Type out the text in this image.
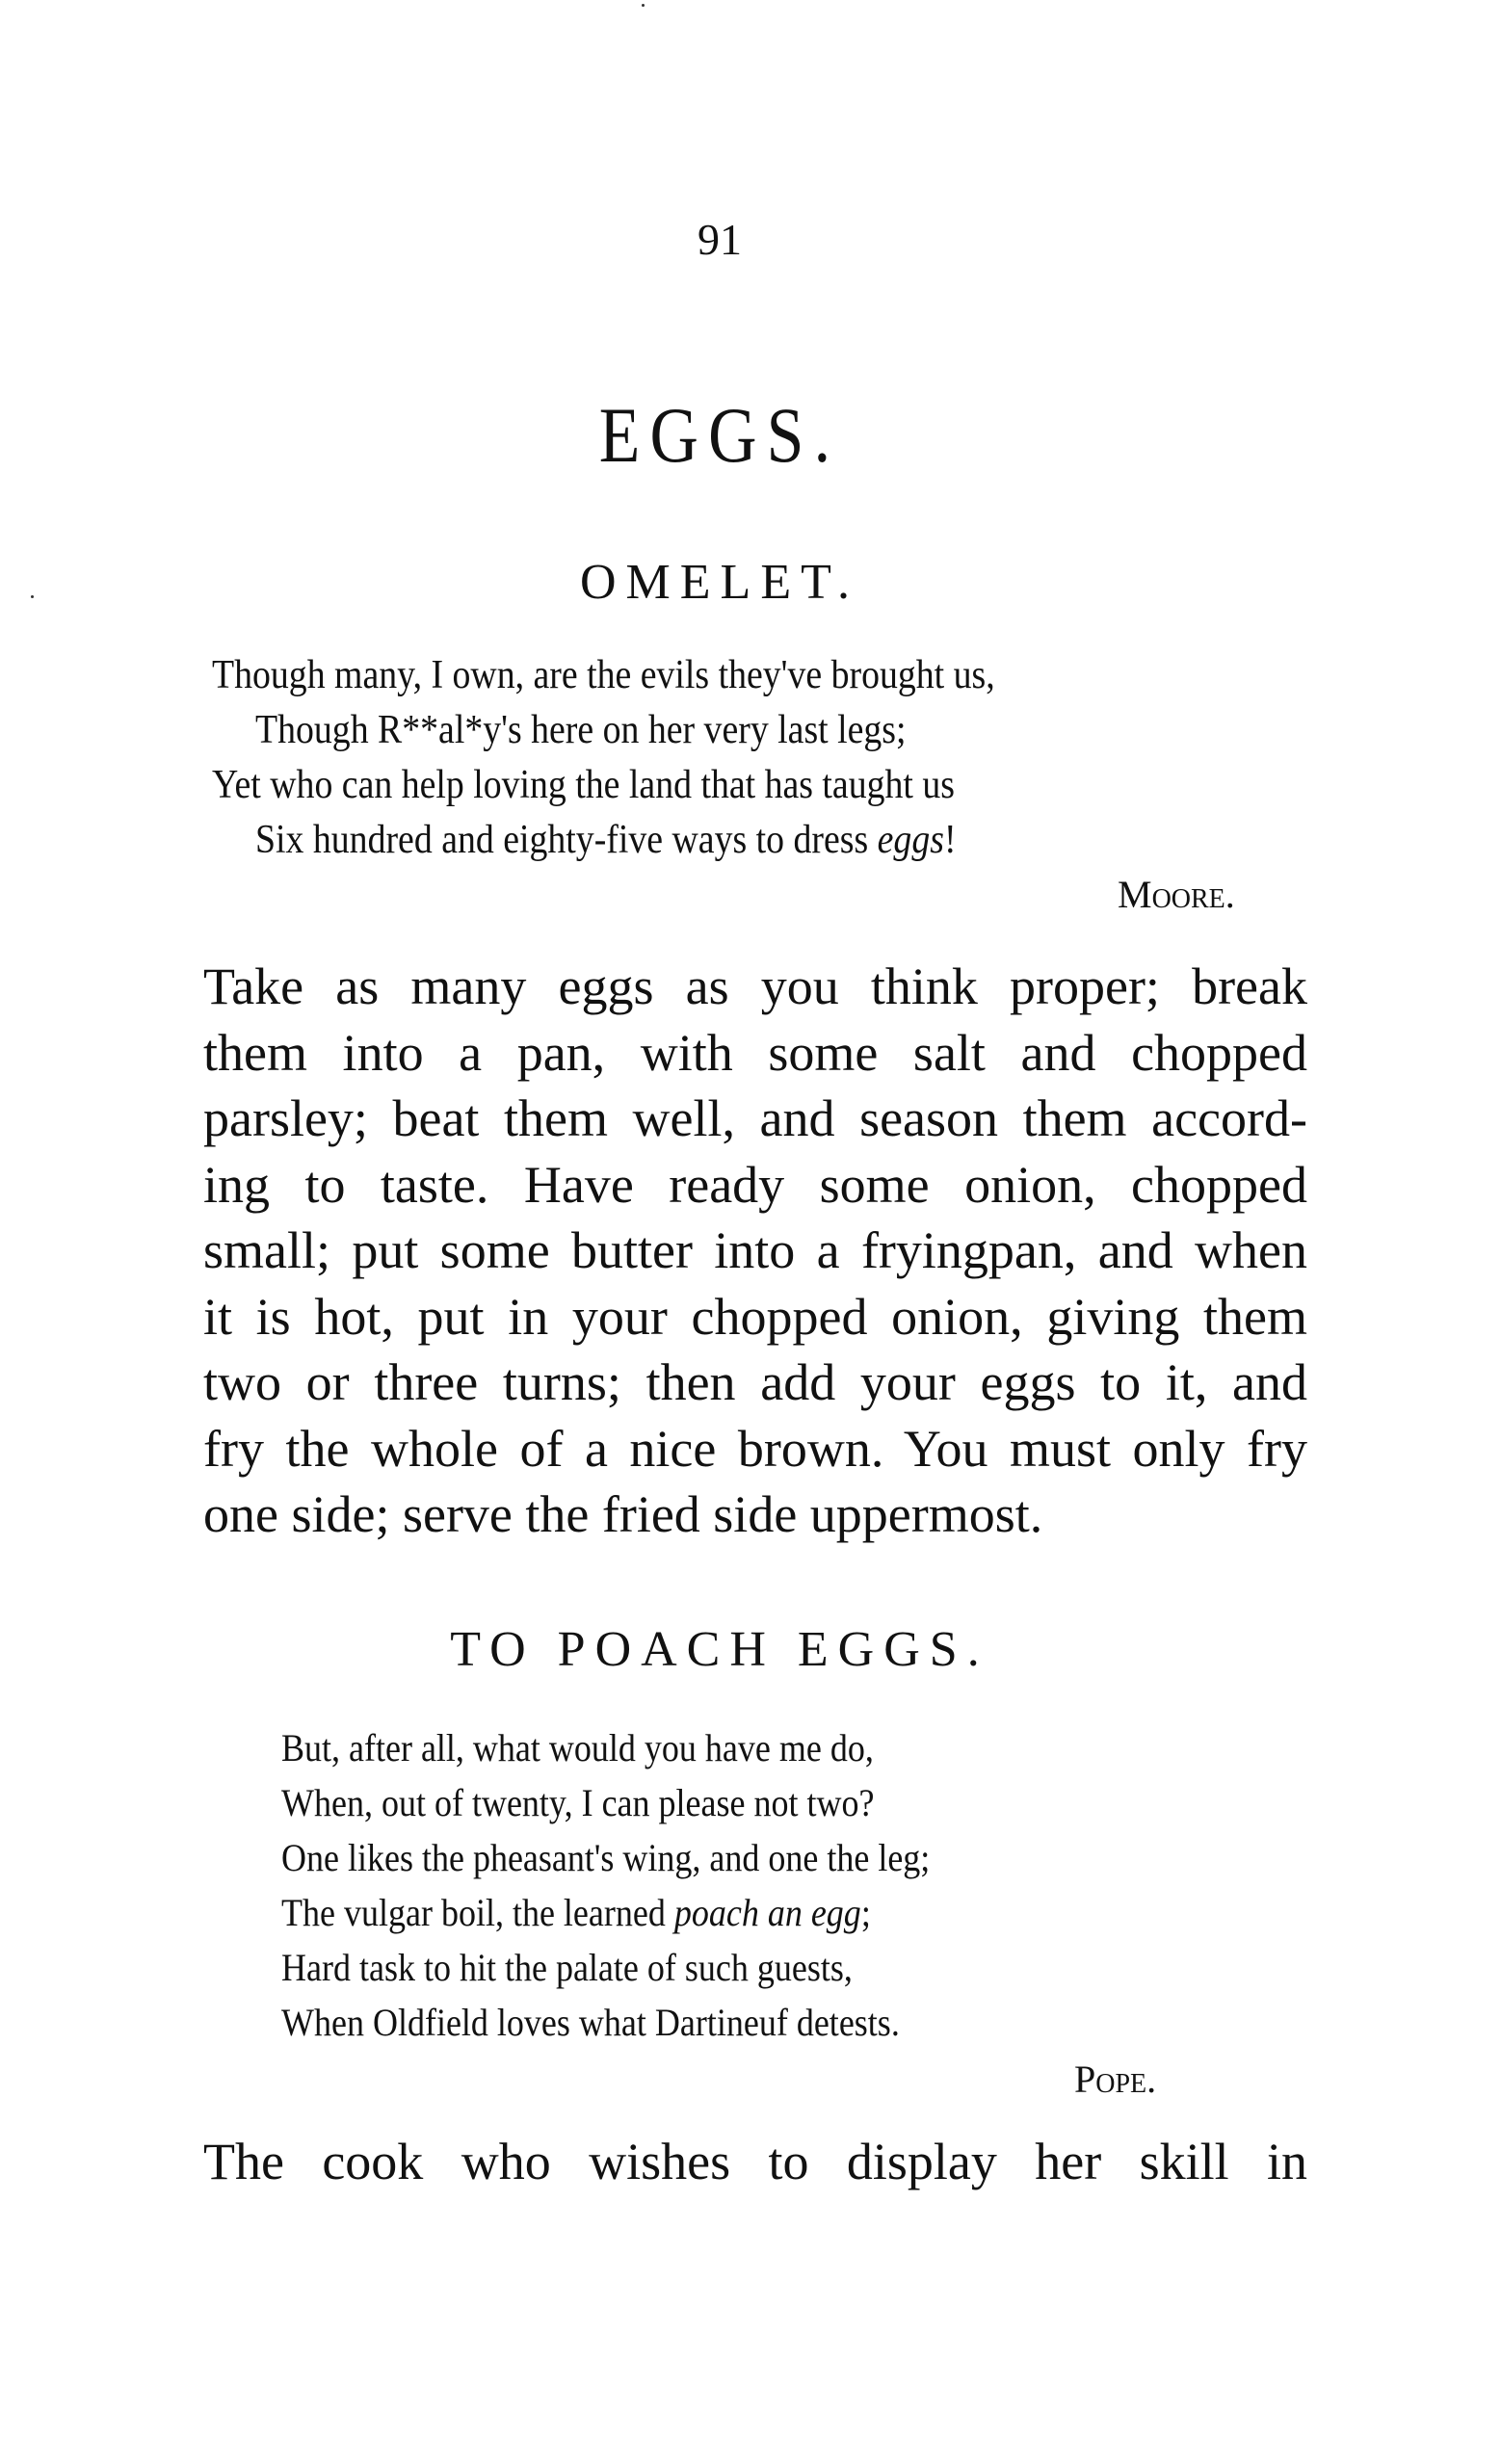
91
EGGS.
OMELET.
Though many, I own, are the evils they've brought us,
Though R**al*y's here on her very last legs;
Yet who can help loving the land that has taught us
Six hundred and eighty-five ways to dress eggs!
Moore.
Take as many eggs as you think proper; break
them into a pan, with some salt and chopped
parsley; beat them well, and season them accord-
ing to taste. Have ready some onion, chopped
small; put some butter into a fryingpan, and when
it is hot, put in your chopped onion, giving them
two or three turns; then add your eggs to it, and
fry the whole of a nice brown. You must only fry
one side; serve the fried side uppermost.
TO POACH EGGS.
But, after all, what would you have me do,
When, out of twenty, I can please not two?
One likes the pheasant's wing, and one the leg;
The vulgar boil, the learned poach an egg;
Hard task to hit the palate of such guests,
When Oldfield loves what Dartineuf detests.
Pope.
The cook who wishes to display her skill in
